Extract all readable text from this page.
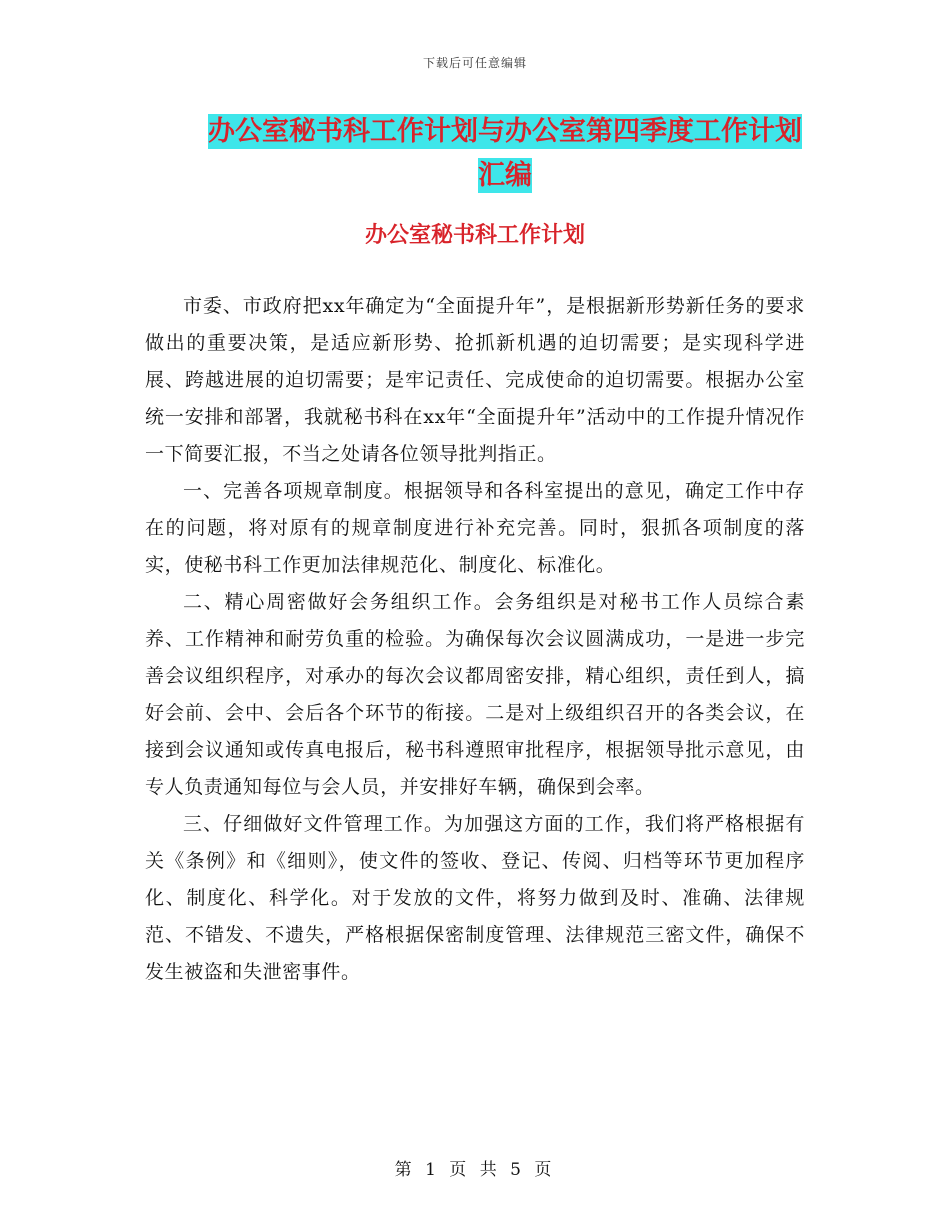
下载后可任意编辑
办公室秘书科工作计划与办公室第四季度工作计划汇编
办公室秘书科工作计划

市委、市政府把xx年确定为“全面提升年”，是根据新形势新任务的要求做出的重要决策，是适应新形势、抢抓新机遇的迫切需要；是实现科学进展、跨越进展的迫切需要；是牢记责任、完成使命的迫切需要。根据办公室统一安排和部署，我就秘书科在xx年“全面提升年”活动中的工作提升情况作一下简要汇报，不当之处请各位领导批判指正。

一、完善各项规章制度。根据领导和各科室提出的意见，确定工作中存在的问题，将对原有的规章制度进行补充完善。同时，狠抓各项制度的落实，使秘书科工作更加法律规范化、制度化、标准化。

二、精心周密做好会务组织工作。会务组织是对秘书工作人员综合素养、工作精神和耐劳负重的检验。为确保每次会议圆满成功，一是进一步完善会议组织程序，对承办的每次会议都周密安排，精心组织，责任到人，搞好会前、会中、会后各个环节的衔接。二是对上级组织召开的各类会议，在接到会议通知或传真电报后，秘书科遵照审批程序，根据领导批示意见，由专人负责通知每位与会人员，并安排好车辆，确保到会率。

三、仔细做好文件管理工作。为加强这方面的工作，我们将严格根据有关《条例》和《细则》，使文件的签收、登记、传阅、归档等环节更加程序化、制度化、科学化。对于发放的文件，将努力做到及时、准确、法律规范、不错发、不遗失，严格根据保密制度管理、法律规范三密文件，确保不发生被盗和失泄密事件。

第 1 页 共 5 页
